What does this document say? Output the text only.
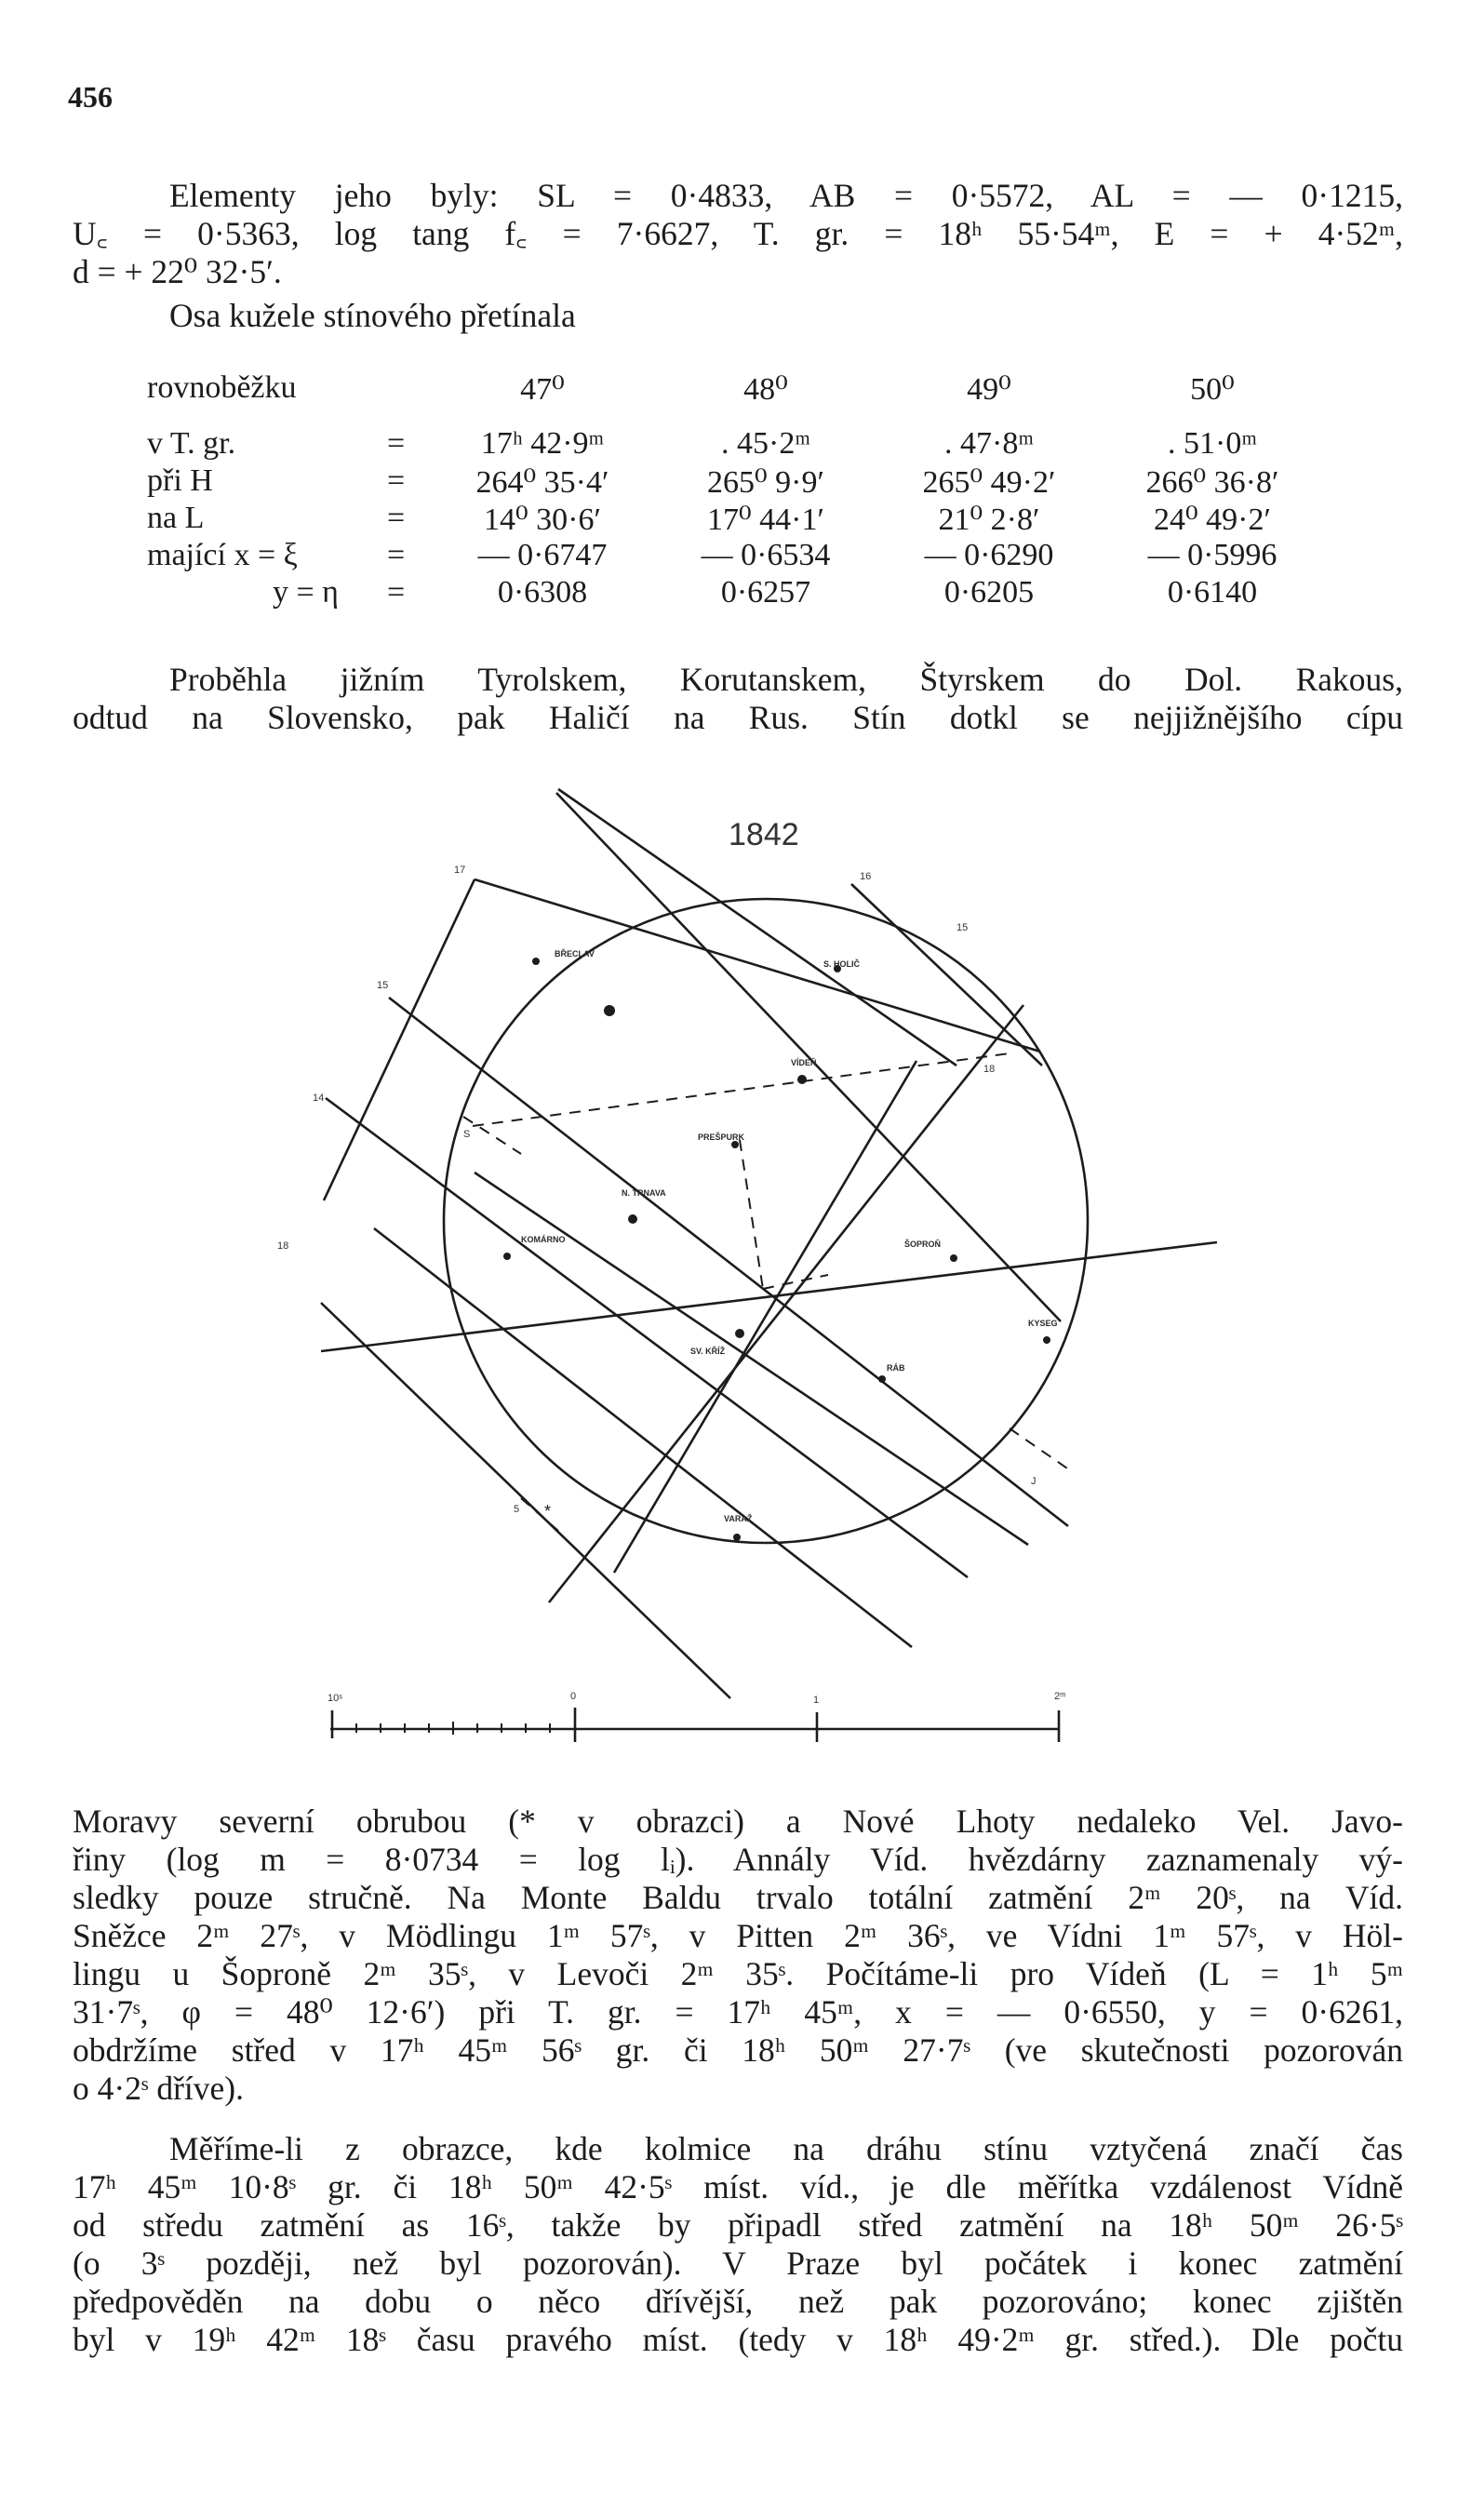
456
Elementy jeho byly: SL = 0·4833, AB = 0·5572, AL = — 0·1215,
U꜀ = 0·5363, log tang f꜀ = 7·6627, T. gr. = 18ʰ 55·54ᵐ, E = + 4·52ᵐ,
d = + 22⁰ 32·5′.
Osa kužele stínového přetínala
rovnoběžku	47⁰	48⁰	49⁰	50⁰
v T. gr.	=	17ʰ 42·9ᵐ	. 45·2ᵐ	. 47·8ᵐ	. 51·0ᵐ
při H	=	264⁰ 35·4′	265⁰ 9·9′	265⁰ 49·2′	266⁰ 36·8′
na L	=	14⁰ 30·6′	17⁰ 44·1′	21⁰ 2·8′	24⁰ 49·2′
mající x = ξ	=	— 0·6747	— 0·6534	— 0·6290	— 0·5996
y = η =	0·6308	0·6257	0·6205	0·6140
Proběhla jižním Tyrolskem, Korutanskem, Štyrskem do Dol. Rakous,
odtud na Slovensko, pak Haličí na Rus. Stín dotkl se nejjižnějšího cípu
1842
BŘECLAV
S. HOLIČ
VÍDEŇ
PREŠPURK
N. TRNAVA
KOMÁRNO	ŠOPROŇ
SV. KŘÍŽ
RÁB
KYSEG
VARAŽ
17
16
15
14
15
18
S
J
5
18
*
10ˢ	0	1	2ᵐ
Moravy severní obrubou (* v obrazci) a Nové Lhoty nedaleko Vel. Javo-
řiny (log m = 8·0734 = log lᵢ). Annály Víd. hvězdárny zaznamenaly vý-
sledky pouze stručně. Na Monte Baldu trvalo totální zatmění 2ᵐ 20ˢ, na Víd.
Sněžce 2ᵐ 27ˢ, v Mödlingu 1ᵐ 57ˢ, v Pitten 2ᵐ 36ˢ, ve Vídni 1ᵐ 57ˢ, v Höl-
lingu u Šoproně 2ᵐ 35ˢ, v Levoči 2ᵐ 35ˢ. Počítáme-li pro Vídeň (L = 1ʰ 5ᵐ
31·7ˢ, φ = 48⁰ 12·6′) při T. gr. = 17ʰ 45ᵐ, x = — 0·6550, y = 0·6261,
obdržíme střed v 17ʰ 45ᵐ 56ˢ gr. či 18ʰ 50ᵐ 27·7ˢ (ve skutečnosti pozorován
o 4·2ˢ dříve).
Měříme-li z obrazce, kde kolmice na dráhu stínu vztyčená značí čas
17ʰ 45ᵐ 10·8ˢ gr. či 18ʰ 50ᵐ 42·5ˢ míst. víd., je dle měřítka vzdálenost Vídně
od středu zatmění as 16ˢ, takže by připadl střed zatmění na 18ʰ 50ᵐ 26·5ˢ
(o 3ˢ později, než byl pozorován). V Praze byl počátek i konec zatmění
předpověděn na dobu o něco dřívější, než pak pozorováno; konec zjištěn
byl v 19ʰ 42ᵐ 18ˢ času pravého míst. (tedy v 18ʰ 49·2ᵐ gr. střed.). Dle počtu
